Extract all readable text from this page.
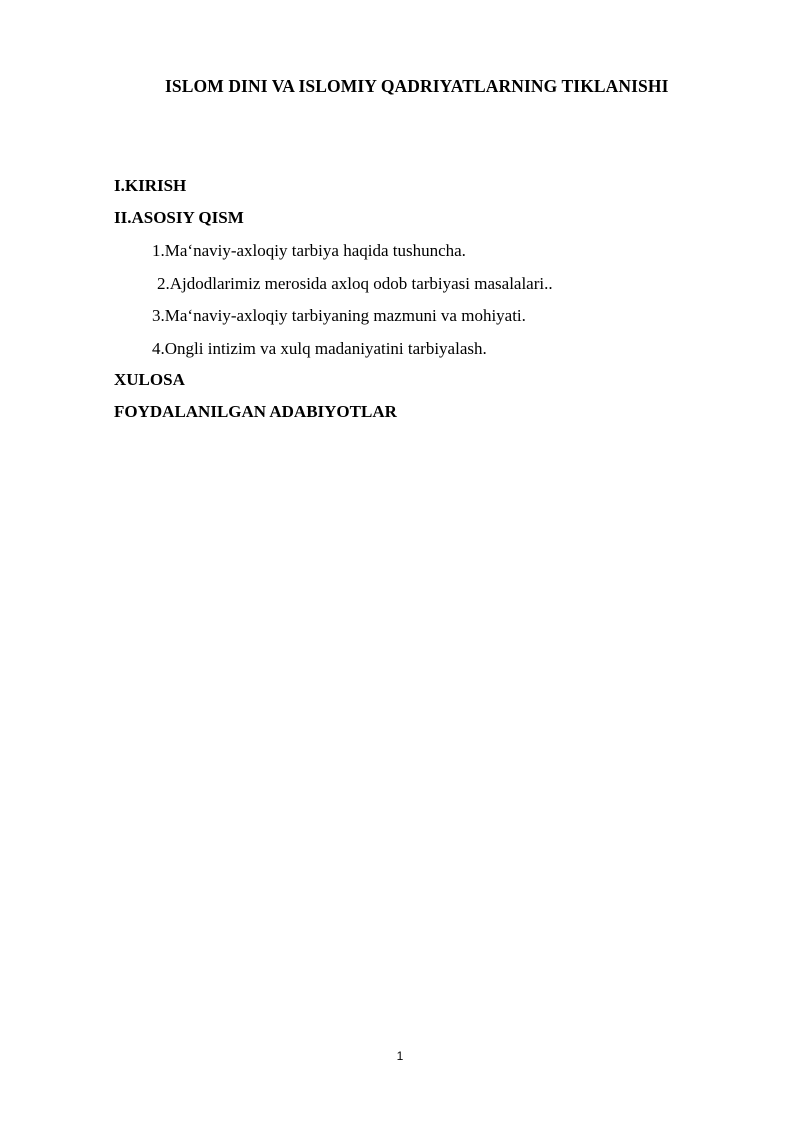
ISLOM DINI VA ISLOMIY QADRIYATLARNING TIKLANISHI
I.KIRISH
II.ASOSIY QISM
1.Ma‘naviy-axloqiy tarbiya haqida tushuncha.
2.Ajdodlarimiz merosida axloq odob tarbiyasi masalalari..
3.Ma‘naviy-axloqiy tarbiyaning mazmuni va mohiyati.
4.Ongli intizim va xulq madaniyatini tarbiyalash.
XULOSA
FOYDALANILGAN ADABIYOTLAR
1
